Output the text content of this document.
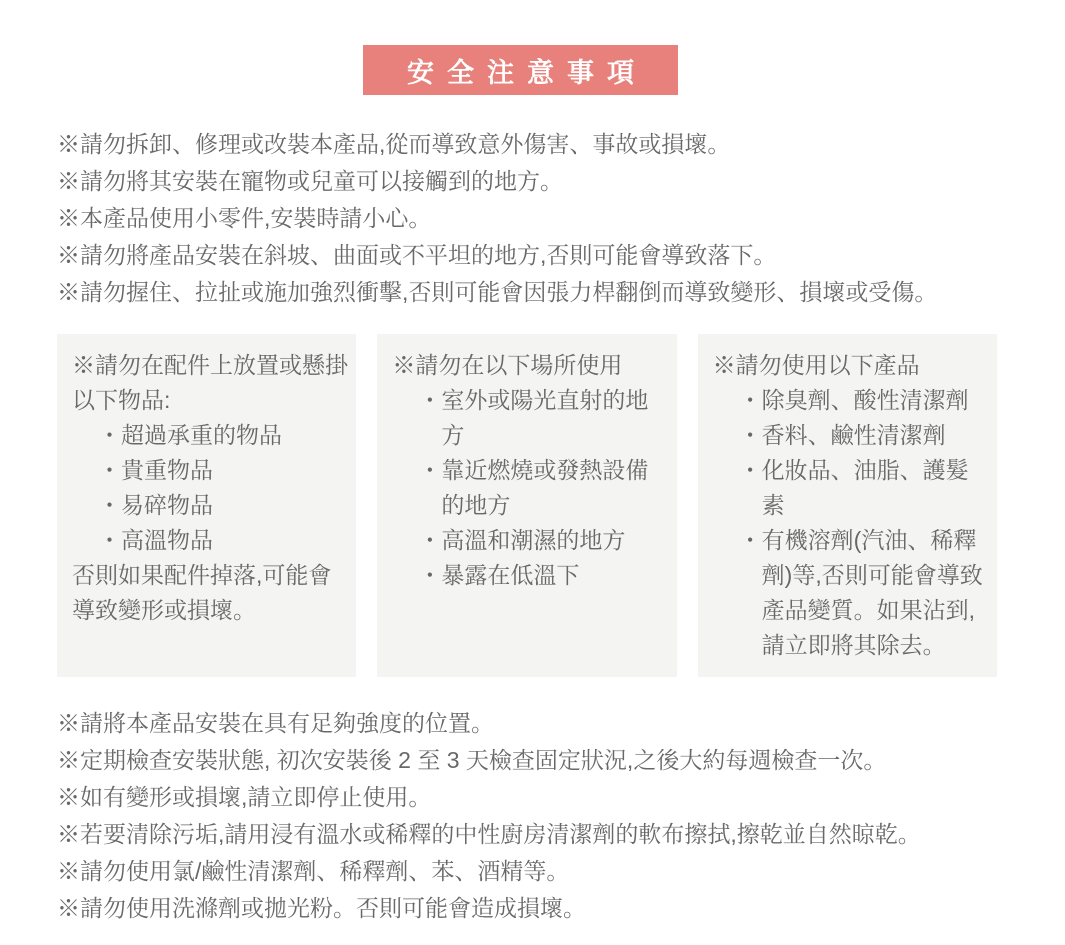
安全注意事項

※請勿拆卸、修理或改裝本產品,從而導致意外傷害、事故或損壞。

※請勿將其安裝在寵物或兒童可以接觸到的地方。

※本產品使用小零件,安裝時請小心。

※請勿將產品安裝在斜坡、曲面或不平坦的地方,否則可能會導致落下。

※請勿握住、拉扯或施加強烈衝擊,否則可能會因張力桿翻倒而導致變形、損壞或受傷。

※請勿在配件上放置或懸掛以下物品:

・ 超過承重的物品
・ 貴重物品
・ 易碎物品
・ 高溫物品

否則如果配件掉落,可能會導致變形或損壞。

※請勿在以下場所使用

・ 室外或陽光直射的地方
・ 靠近燃燒或發熱設備的地方
・ 高溫和潮濕的地方
・ 暴露在低溫下

※請勿使用以下產品

・ 除臭劑、酸性清潔劑
・ 香料、鹼性清潔劑
・ 化妝品、油脂、護髮素
・ 有機溶劑(汽油、稀釋劑)等,否則可能會導致產品變質。如果沾到,請立即將其除去。

※請將本產品安裝在具有足夠強度的位置。

※定期檢查安裝狀態, 初次安裝後 2 至 3 天檢查固定狀況,之後大約每週檢查一次。

※如有變形或損壞,請立即停止使用。

※若要清除污垢,請用浸有溫水或稀釋的中性廚房清潔劑的軟布擦拭,擦乾並自然晾乾。

※請勿使用氯/鹼性清潔劑、稀釋劑、苯、酒精等。

※請勿使用洗滌劑或拋光粉。否則可能會造成損壞。
